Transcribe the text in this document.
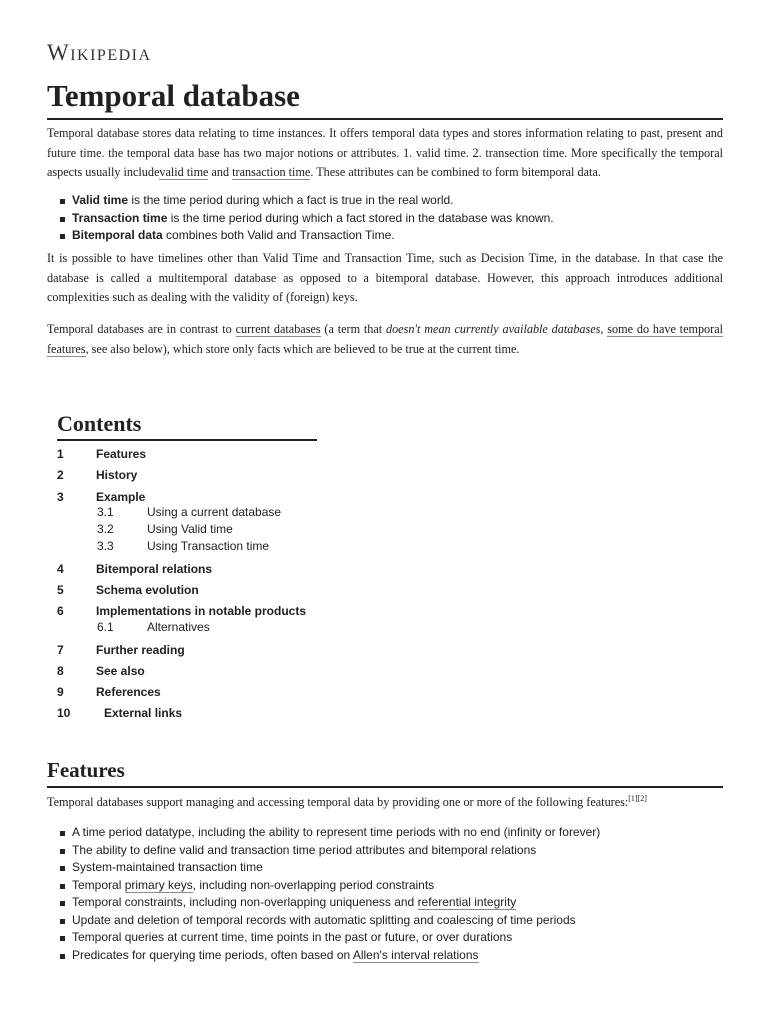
Wikipedia
Temporal database

Temporal database stores data relating to time instances. It offers temporal data types and stores information relating to past, present and future time. the temporal data base has two major notions or attributes. 1. valid time. 2. transection time. More specifically the temporal aspects usually includevalid time and transaction time. These attributes can be combined to form bitemporal data.

Valid time is the time period during which a fact is true in the real world.
Transaction time is the time period during which a fact stored in the database was known.
Bitemporal data combines both Valid and Transaction Time.

It is possible to have timelines other than Valid Time and Transaction Time, such as Decision Time, in the database. In that case the database is called a multitemporal database as opposed to a bitemporal database. However, this approach introduces additional complexities such as dealing with the validity of (foreign) keys.

Temporal databases are in contrast to current databases (a term that doesn't mean currently available databases, some do have temporal features, see also below), which store only facts which are believed to be true at the current time.

Contents
1	Features
2	History
3	Example
3.1	Using a current database
3.2	Using Valid time
3.3	Using Transaction time
4	Bitemporal relations
5	Schema evolution
6	Implementations in notable products
6.1	Alternatives
7	Further reading
8	See also
9	References
10	External links
Features

Temporal databases support managing and accessing temporal data by providing one or more of the following features:[1][2]

A time period datatype, including the ability to represent time periods with no end (infinity or forever)
The ability to define valid and transaction time period attributes and bitemporal relations
System-maintained transaction time
Temporal primary keys, including non-overlapping period constraints
Temporal constraints, including non-overlapping uniqueness and referential integrity
Update and deletion of temporal records with automatic splitting and coalescing of time periods
Temporal queries at current time, time points in the past or future, or over durations
Predicates for querying time periods, often based on Allen's interval relations
